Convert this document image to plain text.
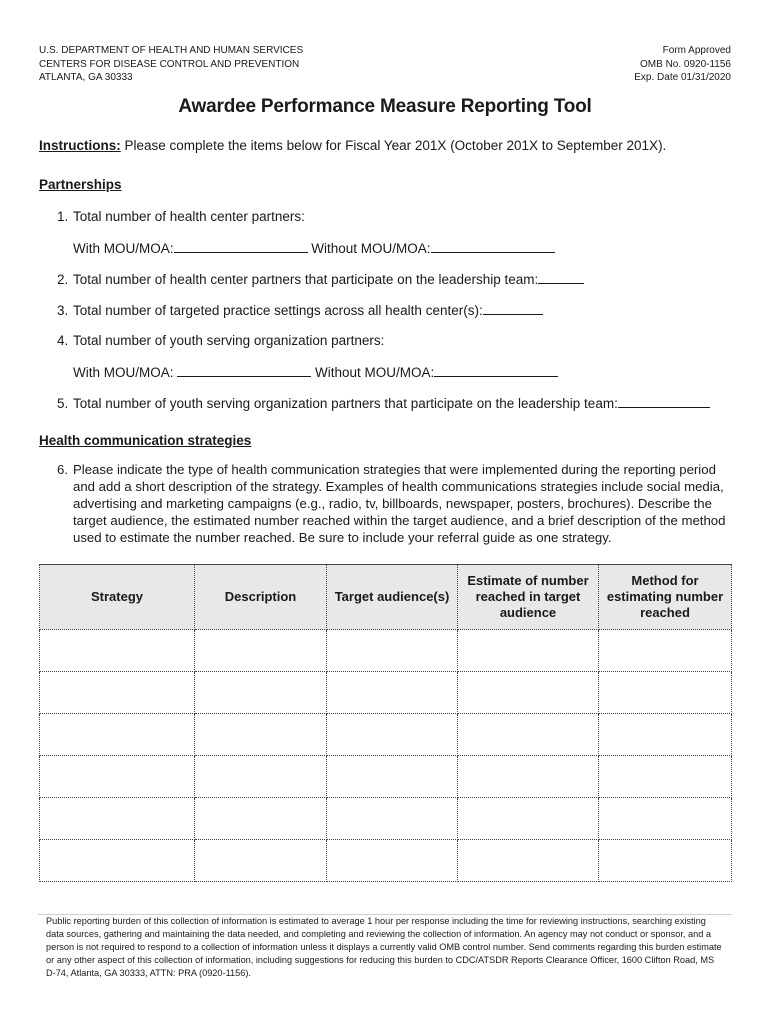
U.S. DEPARTMENT OF HEALTH AND HUMAN SERVICES
CENTERS FOR DISEASE CONTROL AND PREVENTION
ATLANTA, GA 30333
Form Approved
OMB No. 0920-1156
Exp. Date 01/31/2020
Awardee Performance Measure Reporting Tool
Instructions: Please complete the items below for Fiscal Year 201X (October 201X to September 201X).
Partnerships
1. Total number of health center partners:
With MOU/MOA:	Without MOU/MOA:
2. Total number of health center partners that participate on the leadership team:
3. Total number of targeted practice settings across all health center(s):
4. Total number of youth serving organization partners:
With MOU/MOA:	Without MOU/MOA:
5. Total number of youth serving organization partners that participate on the leadership team:
Health communication strategies
6. Please indicate the type of health communication strategies that were implemented during the reporting period and add a short description of the strategy. Examples of health communications strategies include social media, advertising and marketing campaigns (e.g., radio, tv, billboards, newspaper, posters, brochures). Describe the target audience, the estimated number reached within the target audience, and a brief description of the method used to estimate the number reached. Be sure to include your referral guide as one strategy.
Strategy	Description	Target audience(s)	Estimate of number reached in target audience	Method for estimating number reached

Public reporting burden of this collection of information is estimated to average 1 hour per response including the time for reviewing instructions, searching existing data sources, gathering and maintaining the data needed, and completing and reviewing the collection of information. An agency may not conduct or sponsor, and a person is not required to respond to a collection of information unless it displays a currently valid OMB control number. Send comments regarding this burden estimate or any other aspect of this collection of information, including suggestions for reducing this burden to CDC/ATSDR Reports Clearance Officer, 1600 Clifton Road, MS D-74, Atlanta, GA 30333, ATTN: PRA (0920-1156).
